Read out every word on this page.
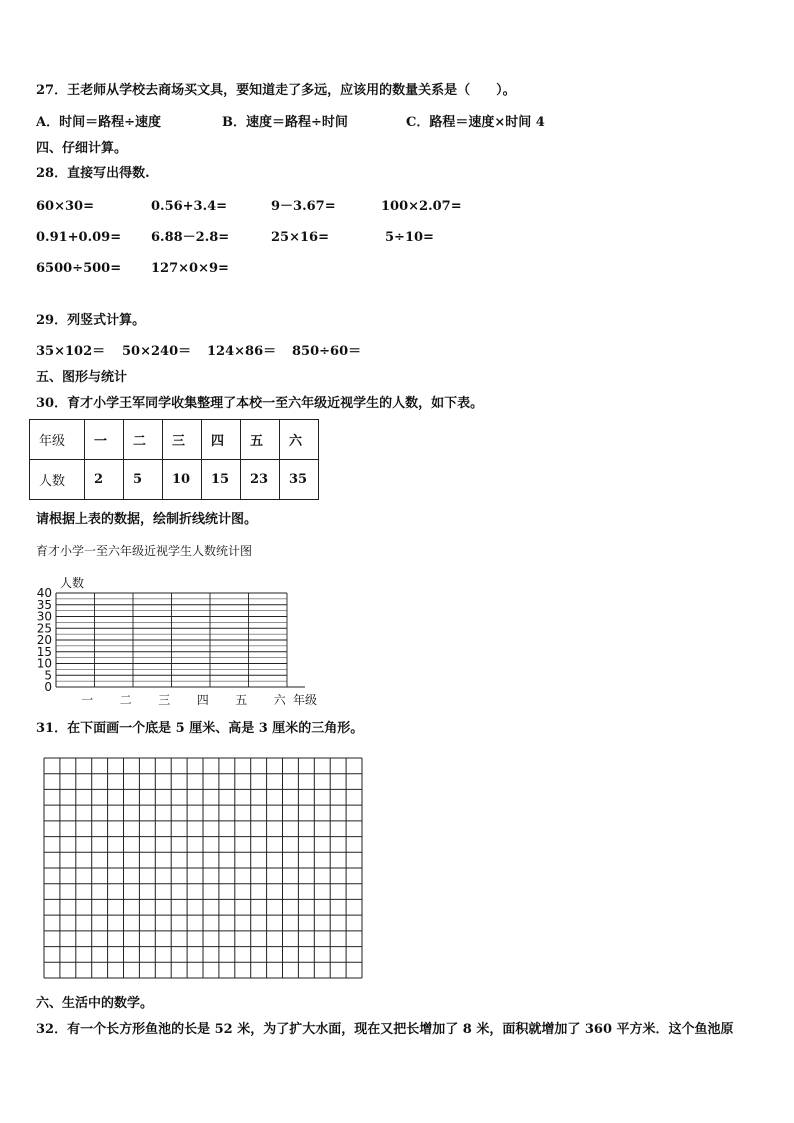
27．王老师从学校去商场买文具，要知道走了多远，应该用的数量关系是（　　）。
A．时间＝路程÷速度	B．速度＝路程÷时间	C．路程＝速度×时间 4
四、仔细计算。
28．直接写出得数.
60×30=	0.56+3.4=	9－3.67=	100×2.07=
0.91+0.09= 6.88－2.8=	25×16=	5÷10=
6500÷500= 127×0×9=
29．列竖式计算。
35×102＝ 50×240＝ 124×86＝ 850÷60＝
五、图形与统计
30．育才小学王军同学收集整理了本校一至六年级近视学生的人数，如下表。
年级	一	二	三	四	五	六
人数	2	5	10	15	23	35
请根据上表的数据，绘制折线统计图。
育才小学一至六年级近视学生人数统计图
0
5
10
15
20
25
30
35
40
人数
一 二 三 四 五 六 年级
31．在下面画一个底是 5 厘米、高是 3 厘米的三角形。
六、生活中的数学。
32．有一个长方形鱼池的长是 52 米，为了扩大水面，现在又把长增加了 8 米，面积就增加了 360 平方米．这个鱼池原
